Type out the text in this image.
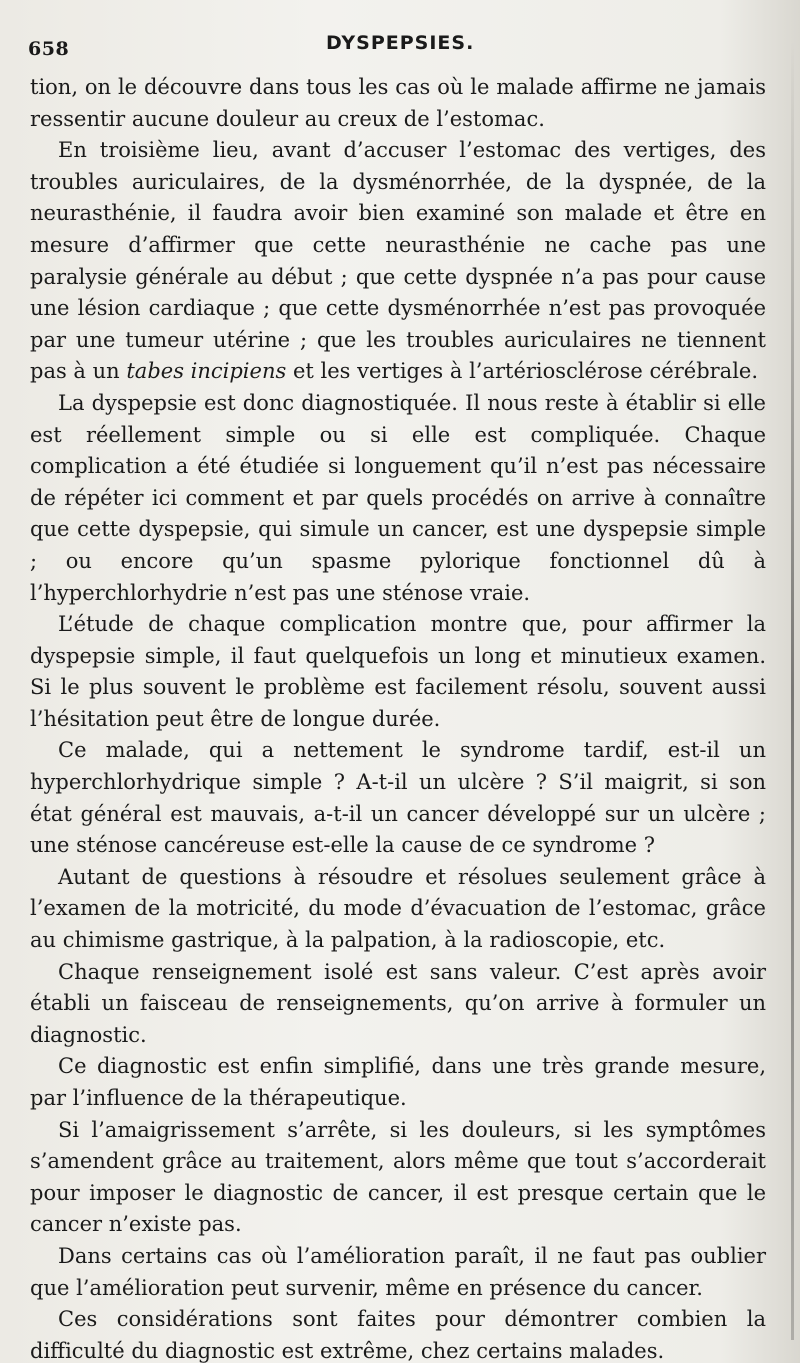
658	DYSPEPSIES.

tion, on le découvre dans tous les cas où le malade affirme ne jamais ressentir aucune douleur au creux de l’estomac.

En troisième lieu, avant d’accuser l’estomac des vertiges, des troubles auriculaires, de la dysménorrhée, de la dyspnée, de la neurasthénie, il faudra avoir bien examiné son malade et être en mesure d’affirmer que cette neurasthénie ne cache pas une paralysie générale au début ; que cette dyspnée n’a pas pour cause une lésion cardiaque ; que cette dysménorrhée n’est pas provoquée par une tumeur utérine ; que les troubles auriculaires ne tiennent pas à un tabes incipiens et les vertiges à l’artériosclérose cérébrale.

La dyspepsie est donc diagnostiquée. Il nous reste à établir si elle est réellement simple ou si elle est compliquée. Chaque complication a été étudiée si longuement qu’il n’est pas nécessaire de répéter ici comment et par quels procédés on arrive à connaître que cette dyspepsie, qui simule un cancer, est une dyspepsie simple ; ou encore qu’un spasme pylorique fonctionnel dû à l’hyperchlorhydrie n’est pas une sténose vraie.

L’étude de chaque complication montre que, pour affirmer la dyspepsie simple, il faut quelquefois un long et minutieux examen. Si le plus souvent le problème est facilement résolu, souvent aussi l’hésitation peut être de longue durée.

Ce malade, qui a nettement le syndrome tardif, est-il un hyperchlorhydrique simple ? A-t-il un ulcère ? S’il maigrit, si son état général est mauvais, a-t-il un cancer développé sur un ulcère ; une sténose cancéreuse est-elle la cause de ce syndrome ?

Autant de questions à résoudre et résolues seulement grâce à l’examen de la motricité, du mode d’évacuation de l’estomac, grâce au chimisme gastrique, à la palpation, à la radioscopie, etc.

Chaque renseignement isolé est sans valeur. C’est après avoir établi un faisceau de renseignements, qu’on arrive à formuler un diagnostic.

Ce diagnostic est enfin simplifié, dans une très grande mesure, par l’influence de la thérapeutique.

Si l’amaigrissement s’arrête, si les douleurs, si les symptômes s’amendent grâce au traitement, alors même que tout s’accorderait pour imposer le diagnostic de cancer, il est presque certain que le cancer n’existe pas.

Dans certains cas où l’amélioration paraît, il ne faut pas oublier que l’amélioration peut survenir, même en présence du cancer.

Ces considérations sont faites pour démontrer combien la difficulté du diagnostic est extrême, chez certains malades.
